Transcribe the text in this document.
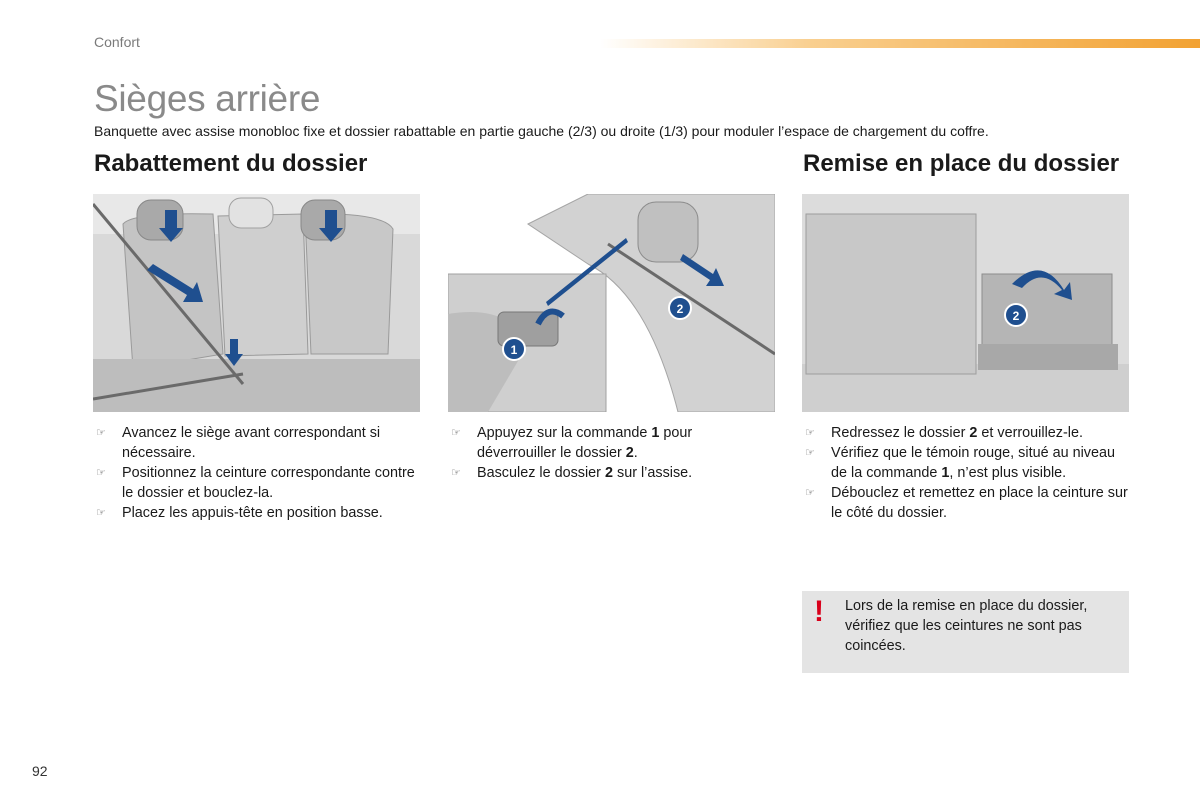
Confort
Sièges arrière
Banquette avec assise monobloc fixe et dossier rabattable en partie gauche (2/3) ou droite (1/3) pour moduler l’espace de chargement du coffre.
Rabattement du dossier	Remise en place du dossier
1
2	2
☞ Avancez le siège avant correspondant si nécessaire.
☞ Positionnez la ceinture correspondante contre le dossier et bouclez-la.
☞ Placez les appuis-tête en position basse.
☞ Appuyez sur la commande 1 pour déverrouiller le dossier 2.
☞ Basculez le dossier 2 sur l’assise.
☞ Redressez le dossier 2 et verrouillez-le.
☞ Vérifiez que le témoin rouge, situé au niveau de la commande 1, n’est plus visible.
☞ Débouclez et remettez en place la ceinture sur le côté du dossier.
! Lors de la remise en place du dossier, vérifiez que les ceintures ne sont pas coincées.
92
